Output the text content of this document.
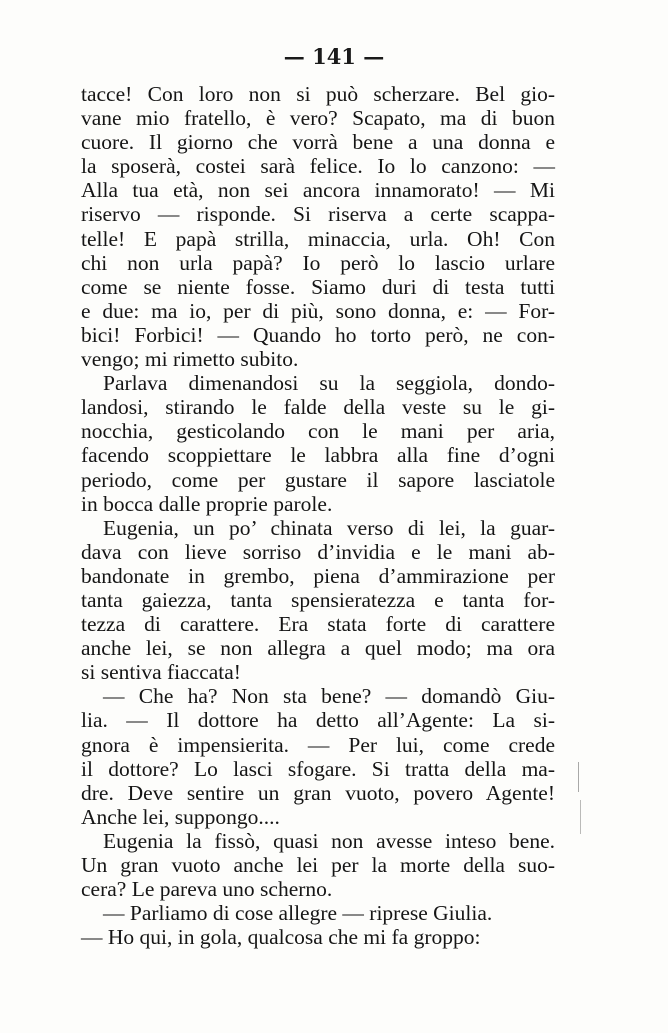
— 141 —
tacce! Con loro non si può scherzare. Bel gio-
vane mio fratello, è vero? Scapato, ma di buon
cuore. Il giorno che vorrà bene a una donna e
la sposerà, costei sarà felice. Io lo canzono: —
Alla tua età, non sei ancora innamorato! — Mi
riservo — risponde. Si riserva a certe scappa-
telle! E papà strilla, minaccia, urla. Oh! Con
chi non urla papà? Io però lo lascio urlare
come se niente fosse. Siamo duri di testa tutti
e due: ma io, per di più, sono donna, e: — For-
bici! Forbici! — Quando ho torto però, ne con-
vengo; mi rimetto subito.
Parlava dimenandosi su la seggiola, dondo-
landosi, stirando le falde della veste su le gi-
nocchia, gesticolando con le mani per aria,
facendo scoppiettare le labbra alla fine d’ogni
periodo, come per gustare il sapore lasciatole
in bocca dalle proprie parole.
Eugenia, un po’ chinata verso di lei, la guar-
dava con lieve sorriso d’invidia e le mani ab-
bandonate in grembo, piena d’ammirazione per
tanta gaiezza, tanta spensieratezza e tanta for-
tezza di carattere. Era stata forte di carattere
anche lei, se non allegra a quel modo; ma ora
si sentiva fiaccata!
— Che ha? Non sta bene? — domandò Giu-
lia. — Il dottore ha detto all’Agente: La si-
gnora è impensierita. — Per lui, come crede
il dottore? Lo lasci sfogare. Si tratta della ma-
dre. Deve sentire un gran vuoto, povero Agente!
Anche lei, suppongo....
Eugenia la fissò, quasi non avesse inteso bene.
Un gran vuoto anche lei per la morte della suo-
cera? Le pareva uno scherno.
— Parliamo di cose allegre — riprese Giulia.
— Ho qui, in gola, qualcosa che mi fa groppo:
